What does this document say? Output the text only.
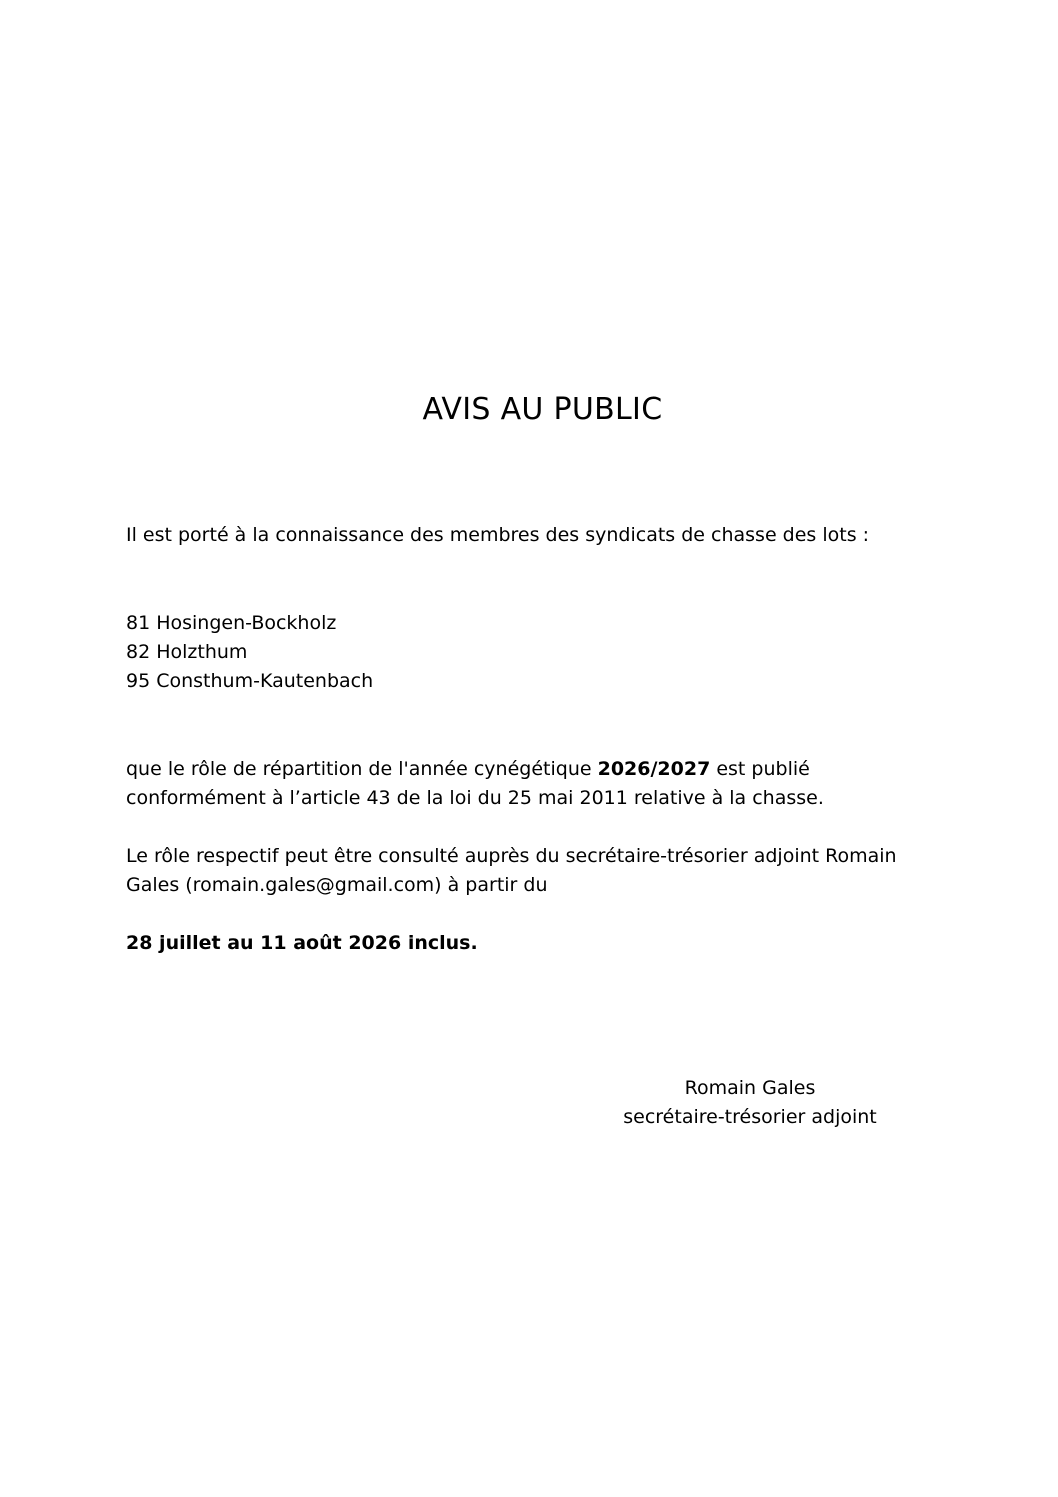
AVIS AU PUBLIC
Il est porté à la connaissance des membres des syndicats de chasse des lots :
81 Hosingen-Bockholz
82 Holzthum
95 Consthum-Kautenbach
que le rôle de répartition de l'année cynégétique 2026/2027 est publié
conformément à l’article 43 de la loi du 25 mai 2011 relative à la chasse.
Le rôle respectif peut être consulté auprès du secrétaire-trésorier adjoint Romain
Gales (romain.gales@gmail.com) à partir du
28 juillet au 11 août 2026 inclus.
Romain Gales
secrétaire-trésorier adjoint
